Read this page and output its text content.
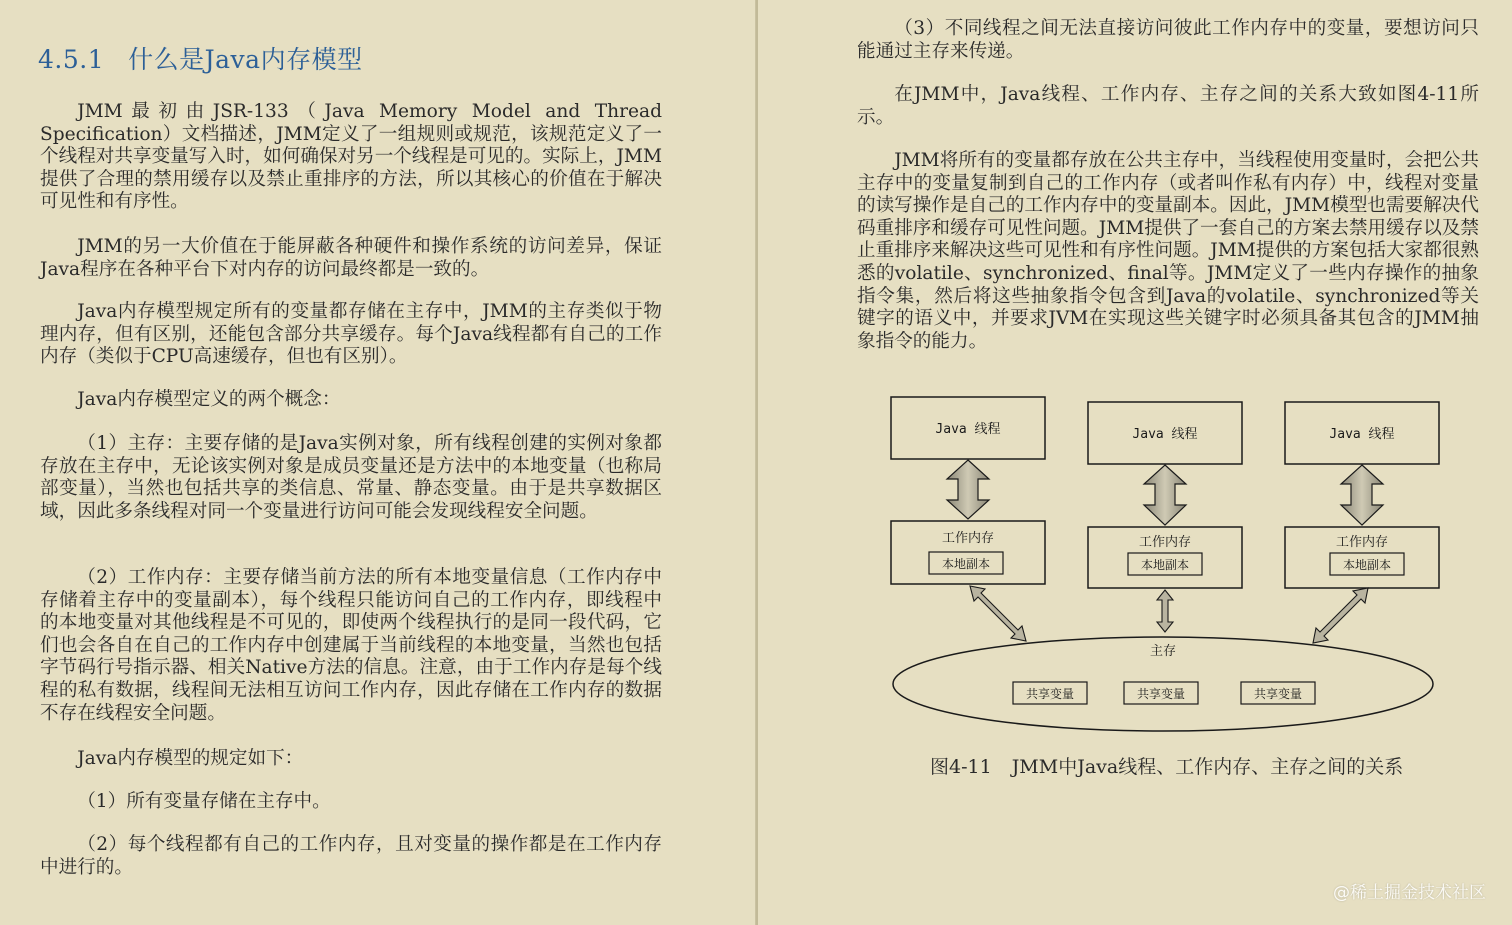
4.5.1 什么是Java内存模型

JMM最初由JSR-133（Java Memory Model and Thread Specification）文档描述，JMM定义了一组规则或规范，该规范定义了一个线程对共享变量写入时，如何确保对另一个线程是可见的。实际上，JMM提供了合理的禁用缓存以及禁止重排序的方法，所以其核心的价值在于解决可见性和有序性。

JMM的另一大价值在于能屏蔽各种硬件和操作系统的访问差异，保证Java程序在各种平台下对内存的访问最终都是一致的。

Java内存模型规定所有的变量都存储在主存中，JMM的主存类似于物理内存，但有区别，还能包含部分共享缓存。每个Java线程都有自己的工作内存（类似于CPU高速缓存，但也有区别）。

Java内存模型定义的两个概念：

（1）主存：主要存储的是Java实例对象，所有线程创建的实例对象都存放在主存中，无论该实例对象是成员变量还是方法中的本地变量（也称局部变量），当然也包括共享的类信息、常量、静态变量。由于是共享数据区域，因此多条线程对同一个变量进行访问可能会发现线程安全问题。

（2）工作内存：主要存储当前方法的所有本地变量信息（工作内存中存储着主存中的变量副本），每个线程只能访问自己的工作内存，即线程中的本地变量对其他线程是不可见的，即使两个线程执行的是同一段代码，它们也会各自在自己的工作内存中创建属于当前线程的本地变量，当然也包括字节码行号指示器、相关Native方法的信息。注意，由于工作内存是每个线程的私有数据，线程间无法相互访问工作内存，因此存储在工作内存的数据不存在线程安全问题。

Java内存模型的规定如下：

（1）所有变量存储在主存中。

（2）每个线程都有自己的工作内存，且对变量的操作都是在工作内存中进行的。

（3）不同线程之间无法直接访问彼此工作内存中的变量，要想访问只能通过主存来传递。

在JMM中，Java线程、工作内存、主存之间的关系大致如图4-11所示。

JMM将所有的变量都存放在公共主存中，当线程使用变量时，会把公共主存中的变量复制到自己的工作内存（或者叫作私有内存）中，线程对变量的读写操作是自己的工作内存中的变量副本。因此，JMM模型也需要解决代码重排序和缓存可见性问题。JMM提供了一套自己的方案去禁用缓存以及禁止重排序来解决这些可见性和有序性问题。JMM提供的方案包括大家都很熟悉的volatile、synchronized、final等。JMM定义了一些内存操作的抽象指令集，然后将这些抽象指令包含到Java的volatile、synchronized等关键字的语义中，并要求JVM在实现这些关键字时必须具备其包含的JMM抽象指令的能力。

Java 线程
工作内存
本地副本
Java 线程
工作内存
本地副本
Java 线程
工作内存
本地副本
主存
共享变量	共享变量	共享变量
图4-11 JMM中Java线程、工作内存、主存之间的关系
@稀土掘金技术社区
